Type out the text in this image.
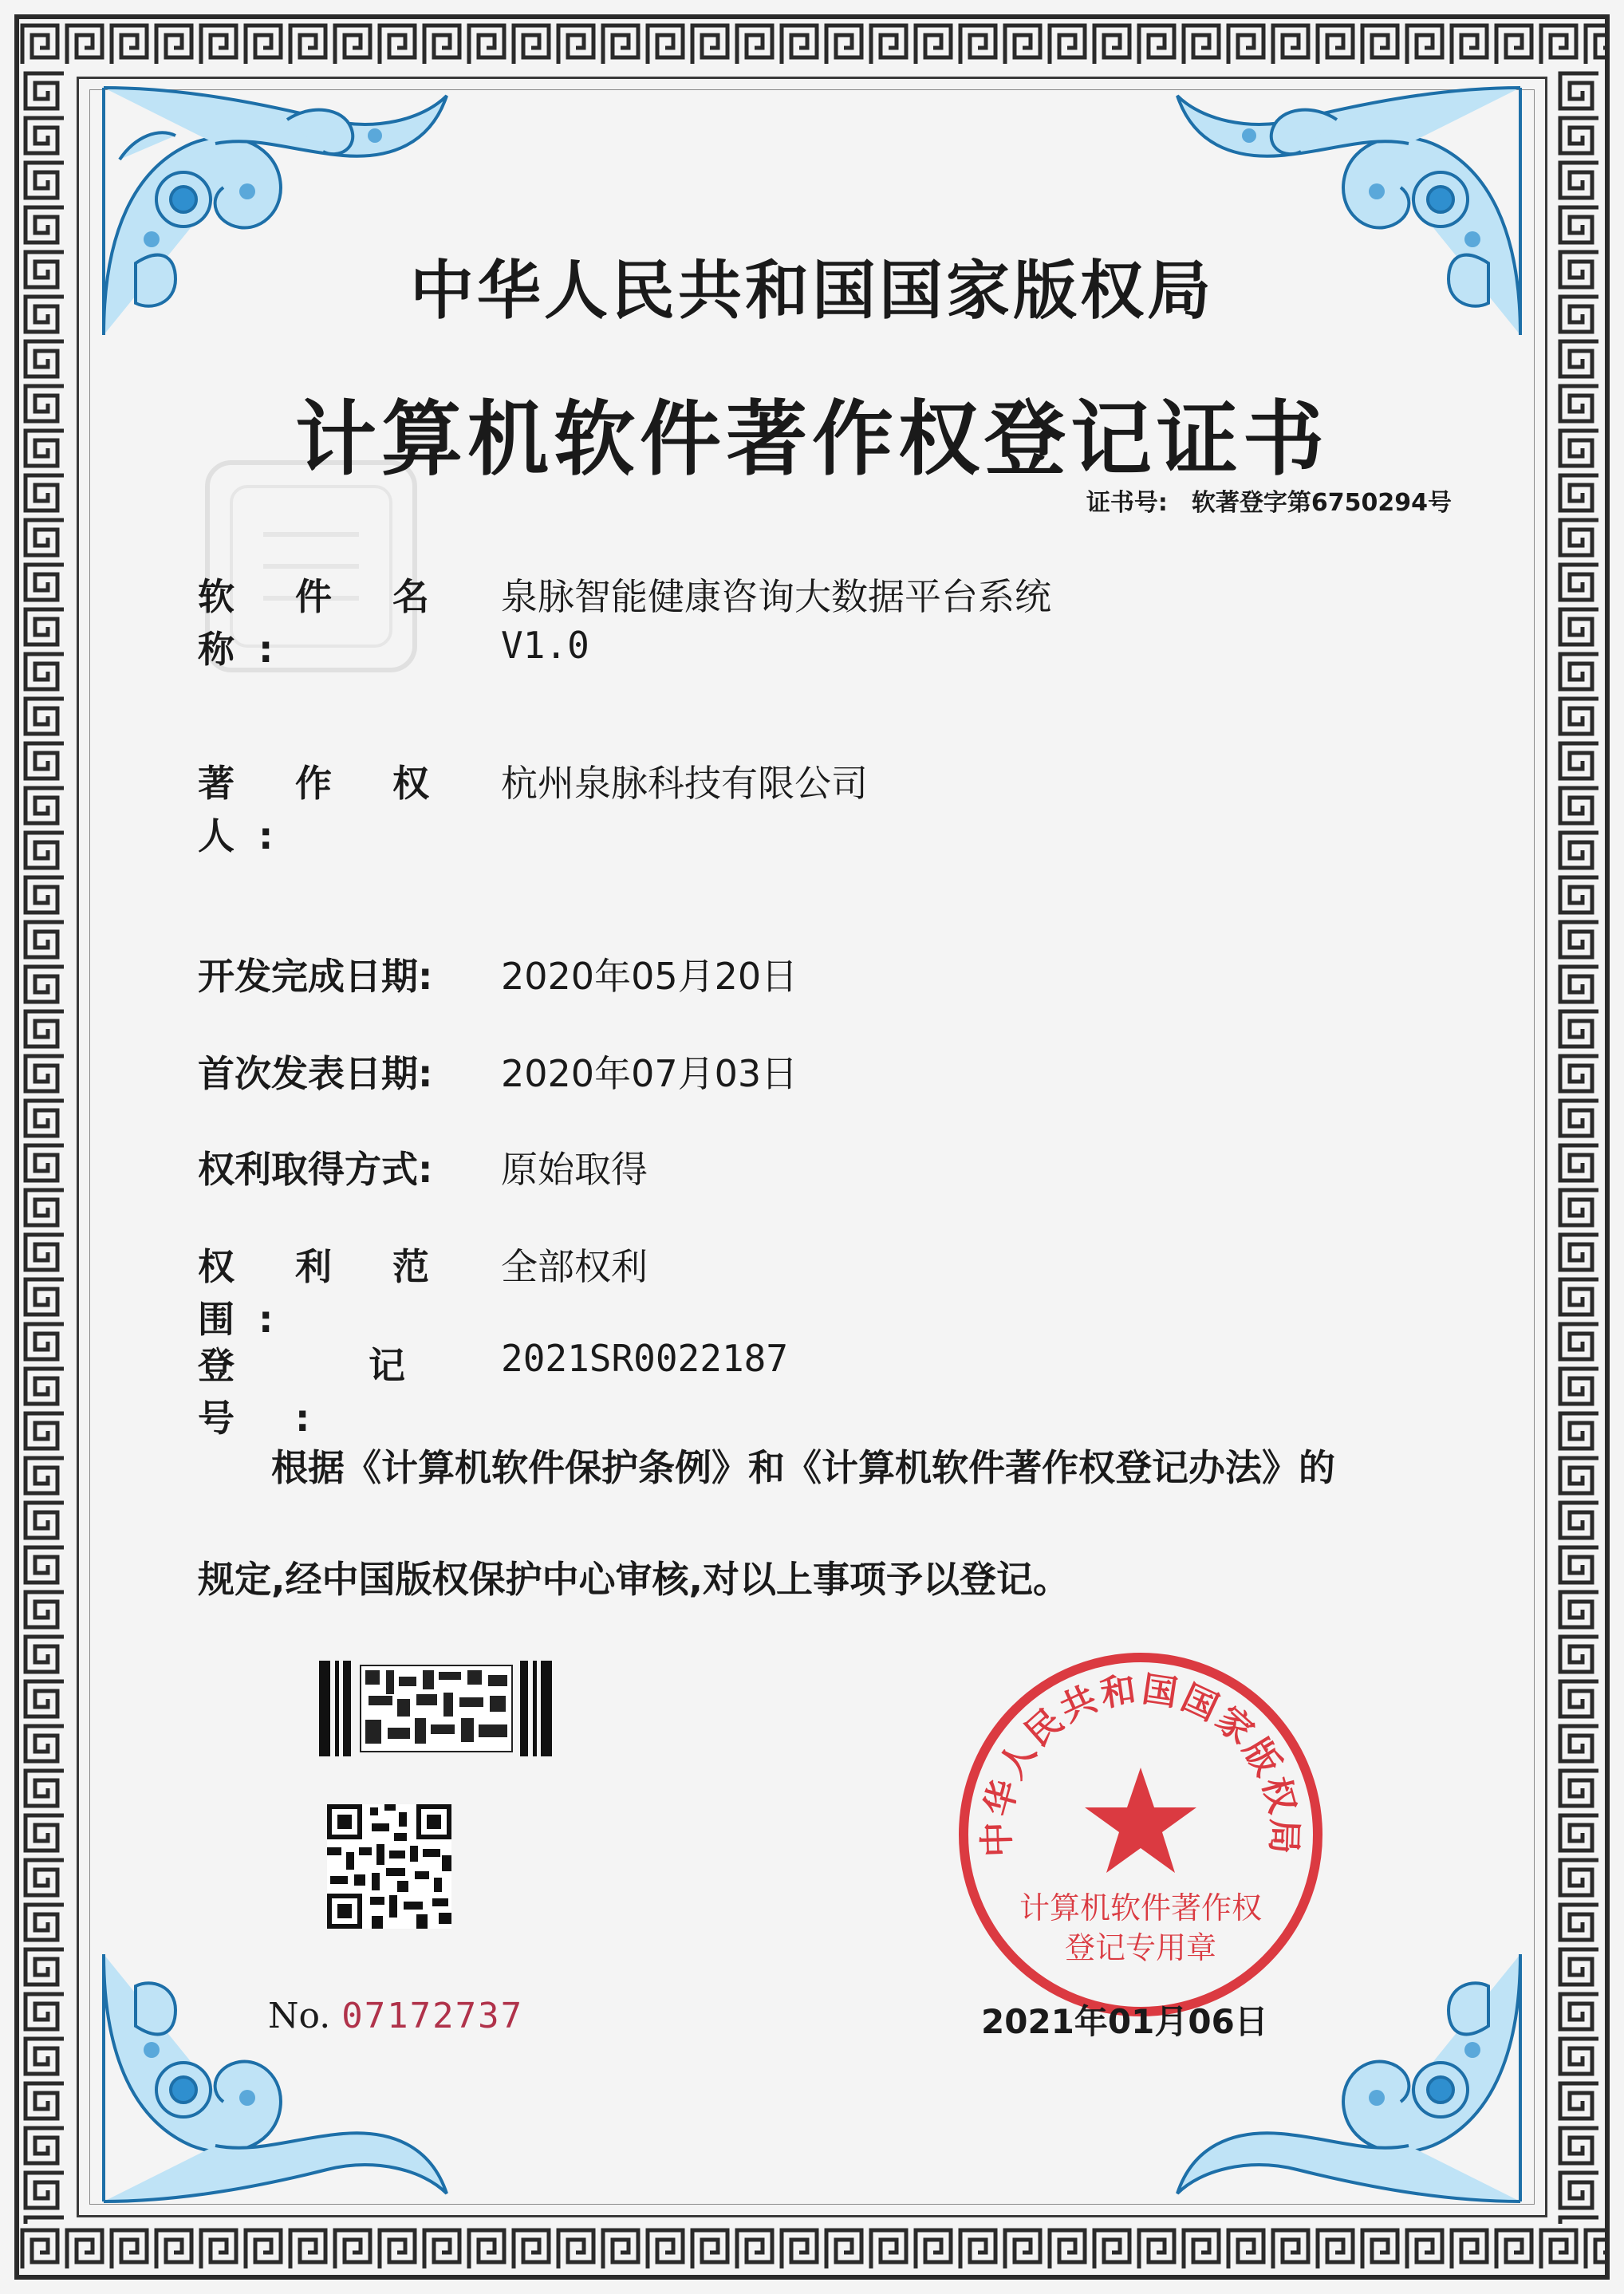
中华人民共和国国家版权局
计算机软件著作权登记证书
证书号: 软著登字第6750294号
软 件 名 称:泉脉智能健康咨询大数据平台系统
V1.0
著 作 权 人:杭州泉脉科技有限公司
开发完成日期: 2020年05月20日
首次发表日期: 2020年07月03日
权利取得方式: 原始取得
权 利 范 围:全部权利
登 记 号:2021SR0022187
根据《计算机软件保护条例》和《计算机软件著作权登记办法》的
规定,经中国版权保护中心审核,对以上事项予以登记。
No. 07172737
中华人民共和国国家版权局
计算机软件著作权
登记专用章
2021年01月06日
